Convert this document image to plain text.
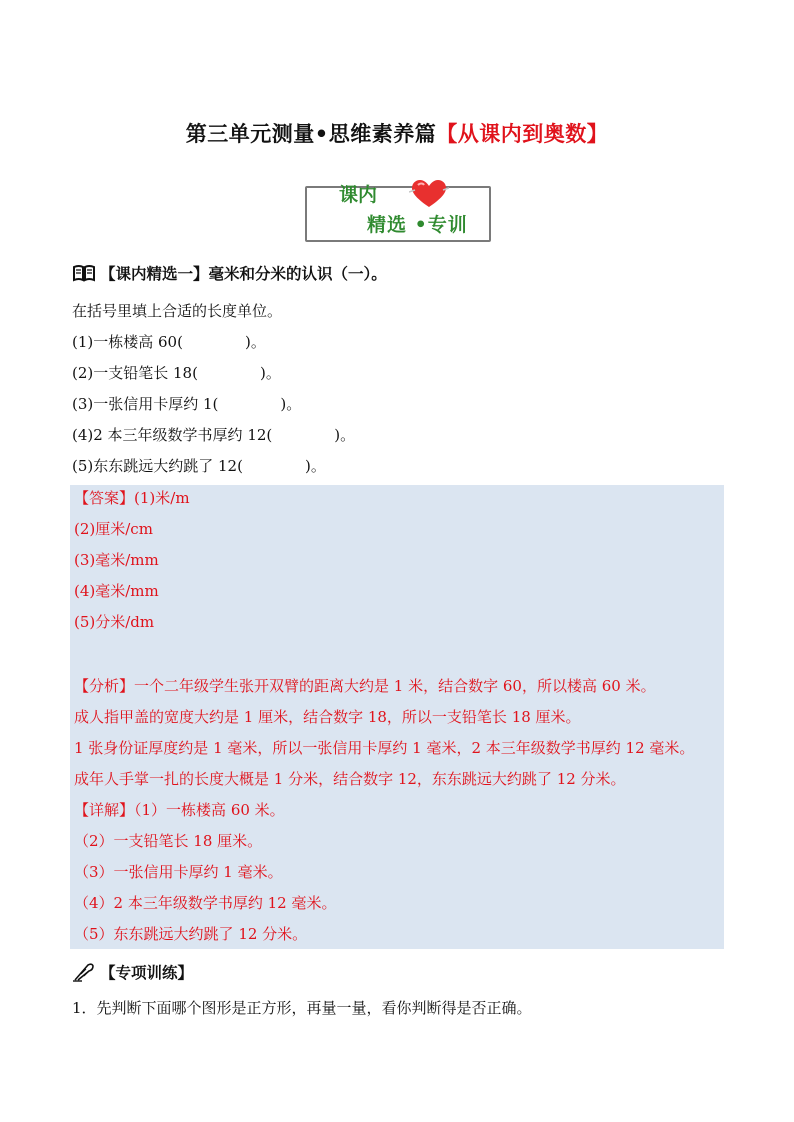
第三单元测量•思维素养篇【从课内到奥数】
课内
精选 •专训
【课内精选一】毫米和分米的认识（一）。
在括号里填上合适的长度单位。
(1)一栋楼高 60(	)。
(2)一支铅笔长 18(	)。
(3)一张信用卡厚约 1(	)。
(4)2 本三年级数学书厚约 12(	)。
(5)东东跳远大约跳了 12(	)。
【答案】(1)米/m
(2)厘米/cm
(3)毫米/mm
(4)毫米/mm
(5)分米/dm
【分析】一个二年级学生张开双臂的距离大约是 1 米，结合数字 60，所以楼高 60 米。
成人指甲盖的宽度大约是 1 厘米，结合数字 18，所以一支铅笔长 18 厘米。
1 张身份证厚度约是 1 毫米，所以一张信用卡厚约 1 毫米，2 本三年级数学书厚约 12 毫米。
成年人手掌一扎的长度大概是 1 分米，结合数字 12，东东跳远大约跳了 12 分米。
【详解】（1）一栋楼高 60 米。
（2）一支铅笔长 18 厘米。
（3）一张信用卡厚约 1 毫米。
（4）2 本三年级数学书厚约 12 毫米。
（5）东东跳远大约跳了 12 分米。
【专项训练】
1．先判断下面哪个图形是正方形，再量一量，看你判断得是否正确。
